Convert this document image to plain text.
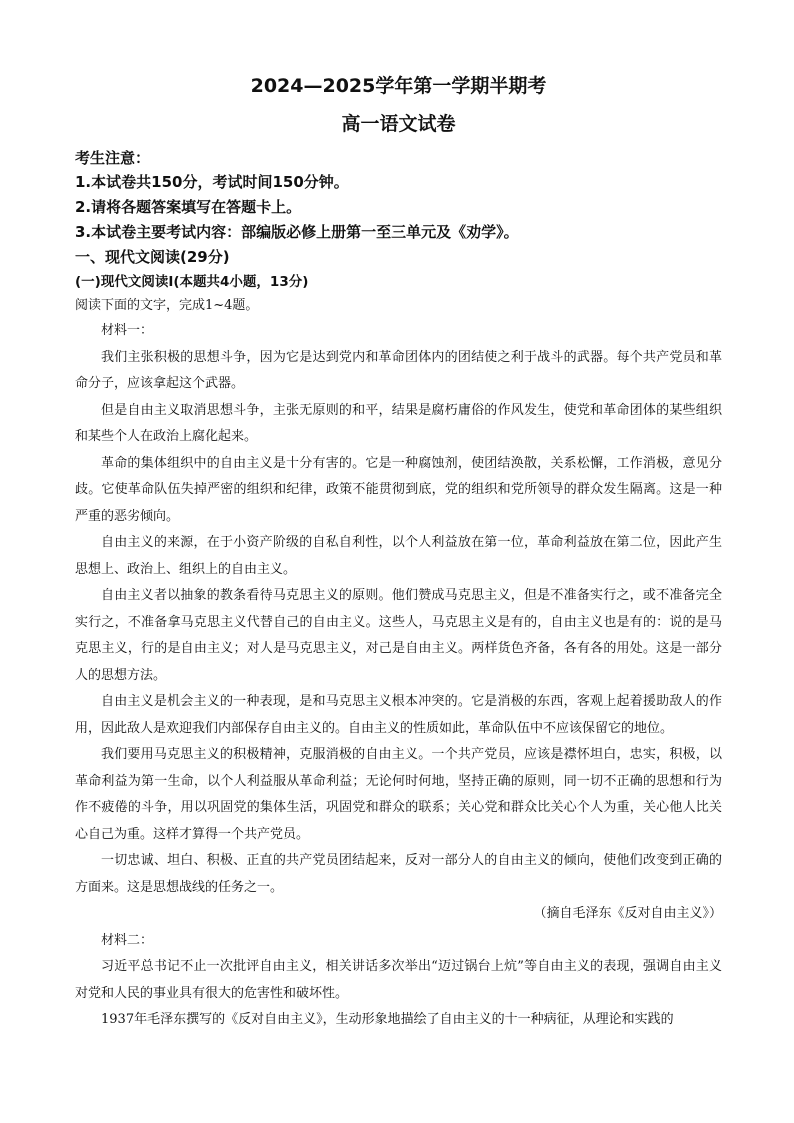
2024—2025学年第一学期半期考
高一语文试卷
考生注意：
1.本试卷共150分，考试时间150分钟。
2.请将各题答案填写在答题卡上。
3.本试卷主要考试内容：部编版必修上册第一至三单元及《劝学》。
一、现代文阅读(29分)
(一)现代文阅读Ⅰ(本题共4小题，13分)
阅读下面的文字，完成1~4题。

材料一：

我们主张积极的思想斗争，因为它是达到党内和革命团体内的团结使之利于战斗的武器。每个共产党员和革命分子，应该拿起这个武器。

但是自由主义取消思想斗争，主张无原则的和平，结果是腐朽庸俗的作风发生，使党和革命团体的某些组织和某些个人在政治上腐化起来。

革命的集体组织中的自由主义是十分有害的。它是一种腐蚀剂，使团结涣散，关系松懈，工作消极，意见分歧。它使革命队伍失掉严密的组织和纪律，政策不能贯彻到底，党的组织和党所领导的群众发生隔离。这是一种严重的恶劣倾向。

自由主义的来源，在于小资产阶级的自私自利性，以个人利益放在第一位，革命利益放在第二位，因此产生思想上、政治上、组织上的自由主义。

自由主义者以抽象的教条看待马克思主义的原则。他们赞成马克思主义，但是不准备实行之，或不准备完全实行之，不准备拿马克思主义代替自己的自由主义。这些人，马克思主义是有的，自由主义也是有的：说的是马克思主义，行的是自由主义；对人是马克思主义，对己是自由主义。两样货色齐备，各有各的用处。这是一部分人的思想方法。

自由主义是机会主义的一种表现，是和马克思主义根本冲突的。它是消极的东西，客观上起着援助敌人的作用，因此敌人是欢迎我们内部保存自由主义的。自由主义的性质如此，革命队伍中不应该保留它的地位。

我们要用马克思主义的积极精神，克服消极的自由主义。一个共产党员，应该是襟怀坦白，忠实，积极，以革命利益为第一生命，以个人利益服从革命利益；无论何时何地，坚持正确的原则，同一切不正确的思想和行为作不疲倦的斗争，用以巩固党的集体生活，巩固党和群众的联系；关心党和群众比关心个人为重，关心他人比关心自己为重。这样才算得一个共产党员。

一切忠诚、坦白、积极、正直的共产党员团结起来，反对一部分人的自由主义的倾向，使他们改变到正确的方面来。这是思想战线的任务之一。

（摘自毛泽东《反对自由主义》）

材料二：

习近平总书记不止一次批评自由主义，相关讲话多次举出“迈过锅台上炕”等自由主义的表现，强调自由主义对党和人民的事业具有很大的危害性和破坏性。

1937年毛泽东撰写的《反对自由主义》，生动形象地描绘了自由主义的十一种病征，从理论和实践的
